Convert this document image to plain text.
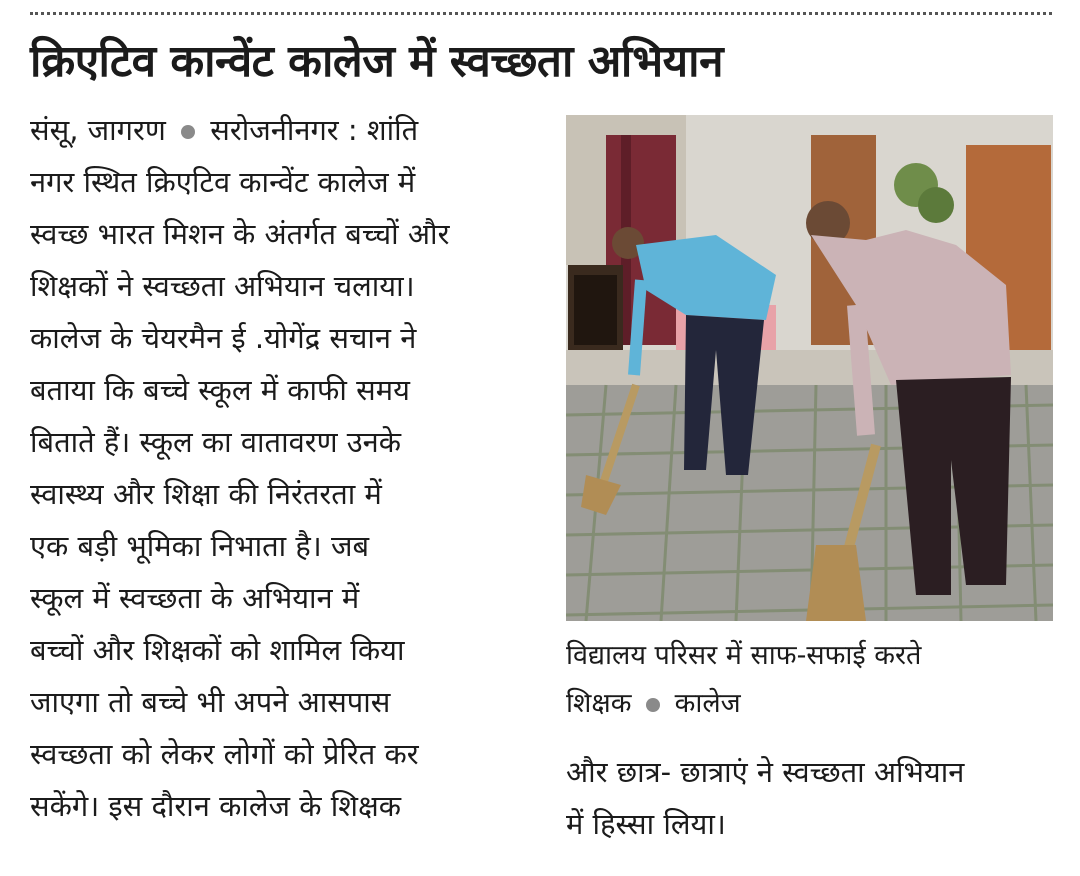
क्रिएटिव कान्वेंट कालेज में स्वच्छता अभियान
संसू, जागरण सरोजनीनगर : शांति
नगर स्थित क्रिएटिव कान्वेंट कालेज में
स्वच्छ भारत मिशन के अंतर्गत बच्चों और
शिक्षकों ने स्वच्छता अभियान चलाया।
कालेज के चेयरमैन ई .योगेंद्र सचान ने
बताया कि बच्चे स्कूल में काफी समय
बिताते हैं। स्कूल का वातावरण उनके
स्वास्थ्य और शिक्षा की निरंतरता में
एक बड़ी भूमिका निभाता है। जब
स्कूल में स्वच्छता के अभियान में
बच्चों और शिक्षकों को शामिल किया
जाएगा तो बच्चे भी अपने आसपास
स्वच्छता को लेकर लोगों को प्रेरित कर
सकेंगे। इस दौरान कालेज के शिक्षक
विद्यालय परिसर में साफ-सफाई करते
शिक्षक कालेज
और छात्र- छात्राएं ने स्वच्छता अभियान
में हिस्सा लिया।
